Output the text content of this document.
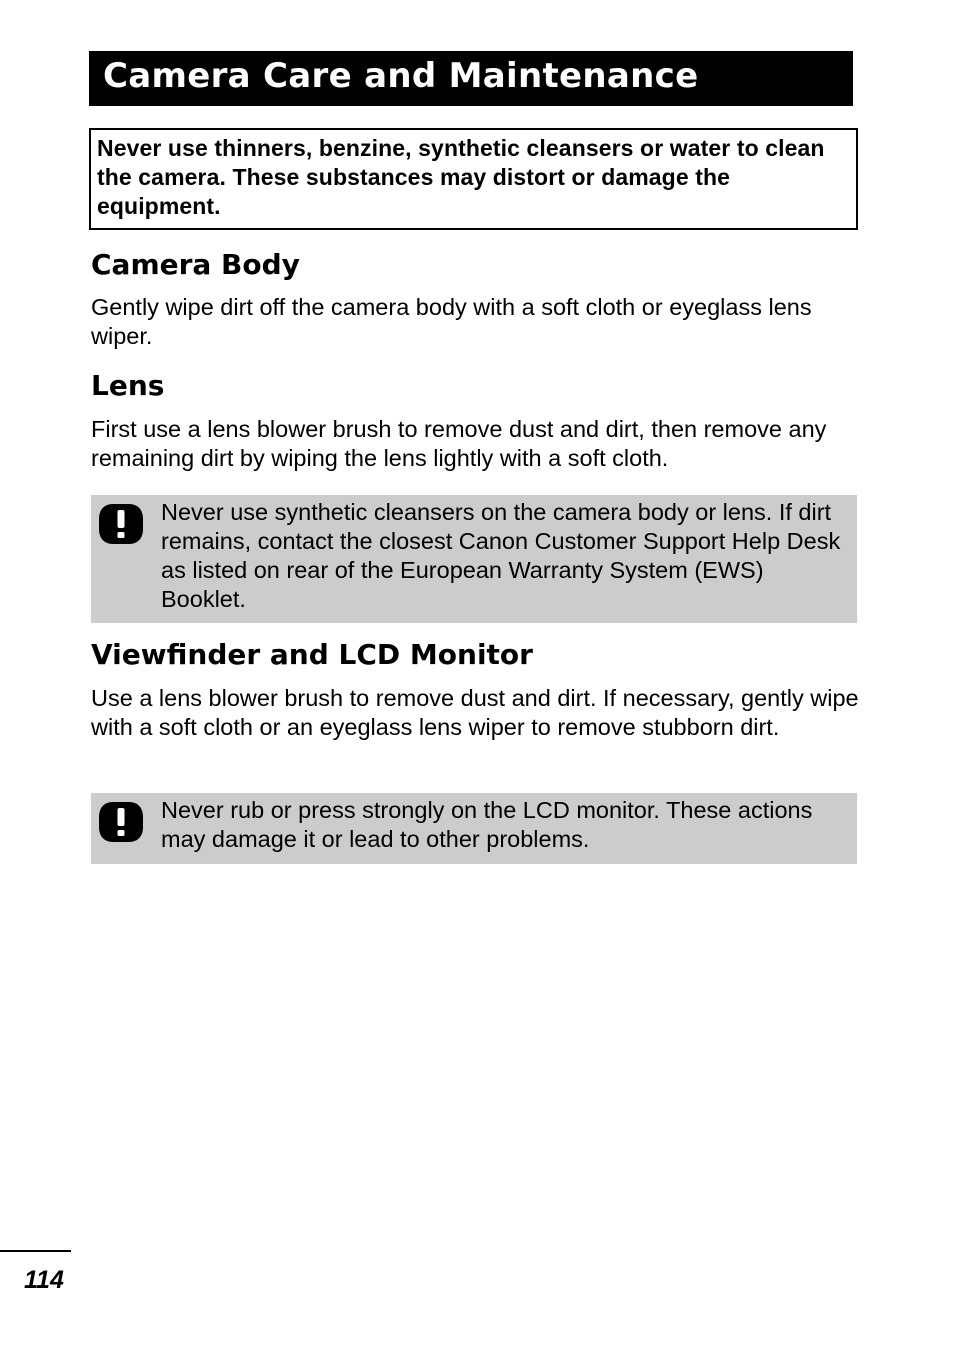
Camera Care and Maintenance

Never use thinners, benzine, synthetic cleansers or water to clean the camera. These substances may distort or damage the equipment.

Camera Body

Gently wipe dirt off the camera body with a soft cloth or eyeglass lens wiper.

Lens

First use a lens blower brush to remove dust and dirt, then remove any remaining dirt by wiping the lens lightly with a soft cloth.

Never use synthetic cleansers on the camera body or lens. If dirt remains, contact the closest Canon Customer Support Help Desk as listed on rear of the European Warranty System (EWS) Booklet.

Viewfinder and LCD Monitor

Use a lens blower brush to remove dust and dirt. If necessary, gently wipe with a soft cloth or an eyeglass lens wiper to remove stubborn dirt.

Never rub or press strongly on the LCD monitor. These actions may damage it or lead to other problems.

114
